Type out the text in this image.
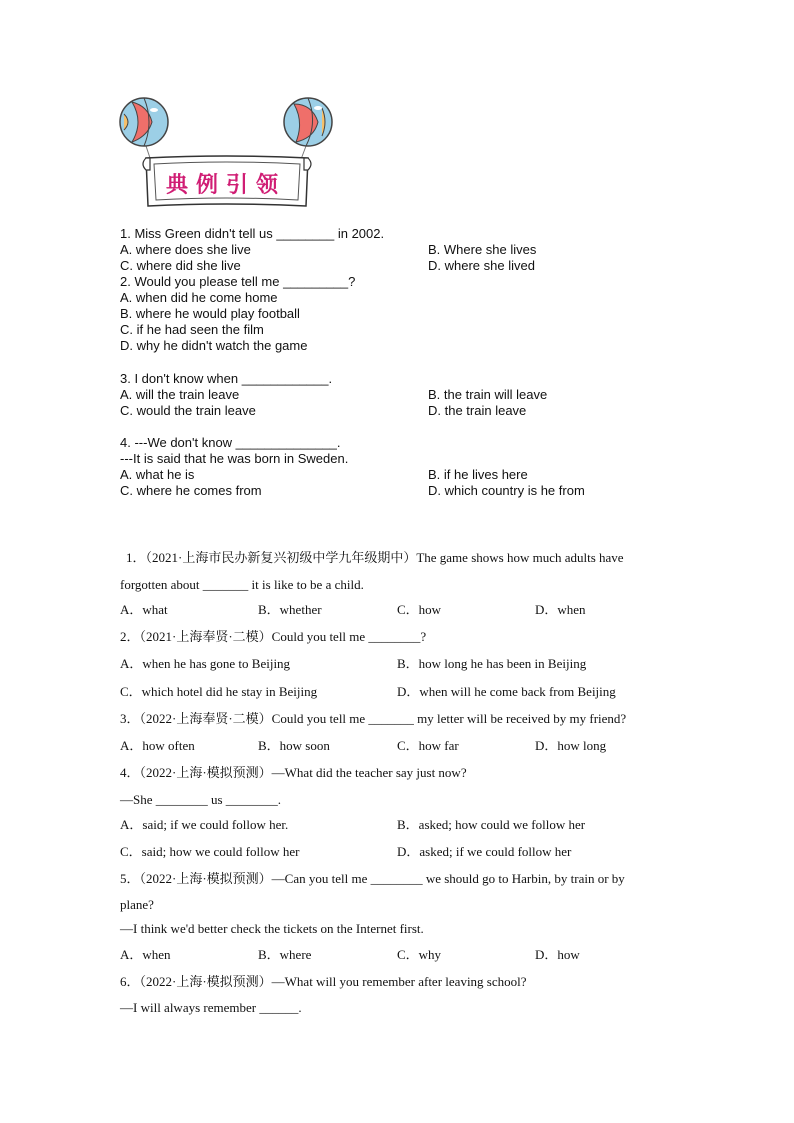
典例引领
1. Miss Green didn't tell us ________ in 2002.
A. where does she live	B. Where she lives
C. where did she live	D. where she lived
2. Would you please tell me _________?
A. when did he come home
B. where he would play football
C. if he had seen the film
D. why he didn't watch the game
3. I don't know when ____________.
A. will the train leave	B. the train will leave
C. would the train leave	D. the train leave
4. ---We don't know ______________.
---It is said that he was born in Sweden.
A. what he is	B. if he lives here
C. where he comes from	D. which country is he from
1．（2021·上海市民办新复兴初级中学九年级期中）The game shows how much adults have
forgotten about _______ it is like to be a child.
A．what	B．whether	C．how	D．when
2．（2021·上海奉贤·二模）Could you tell me ________?
A．when he has gone to Beijing	B．how long he has been in Beijing
C．which hotel did he stay in Beijing	D．when will he come back from Beijing
3．（2022·上海奉贤·二模）Could you tell me _______ my letter will be received by my friend?
A．how often	B．how soon	C．how far	D．how long
4．（2022·上海·模拟预测）—What did the teacher say just now?
—She ________ us ________.
A．said; if we could follow her.	B．asked; how could we follow her
C．said; how we could follow her	D．asked; if we could follow her
5．（2022·上海·模拟预测）—Can you tell me ________ we should go to Harbin, by train or by
plane?
—I think we'd better check the tickets on the Internet first.
A．when	B．where	C．why	D．how
6．（2022·上海·模拟预测）—What will you remember after leaving school?
—I will always remember ______.
